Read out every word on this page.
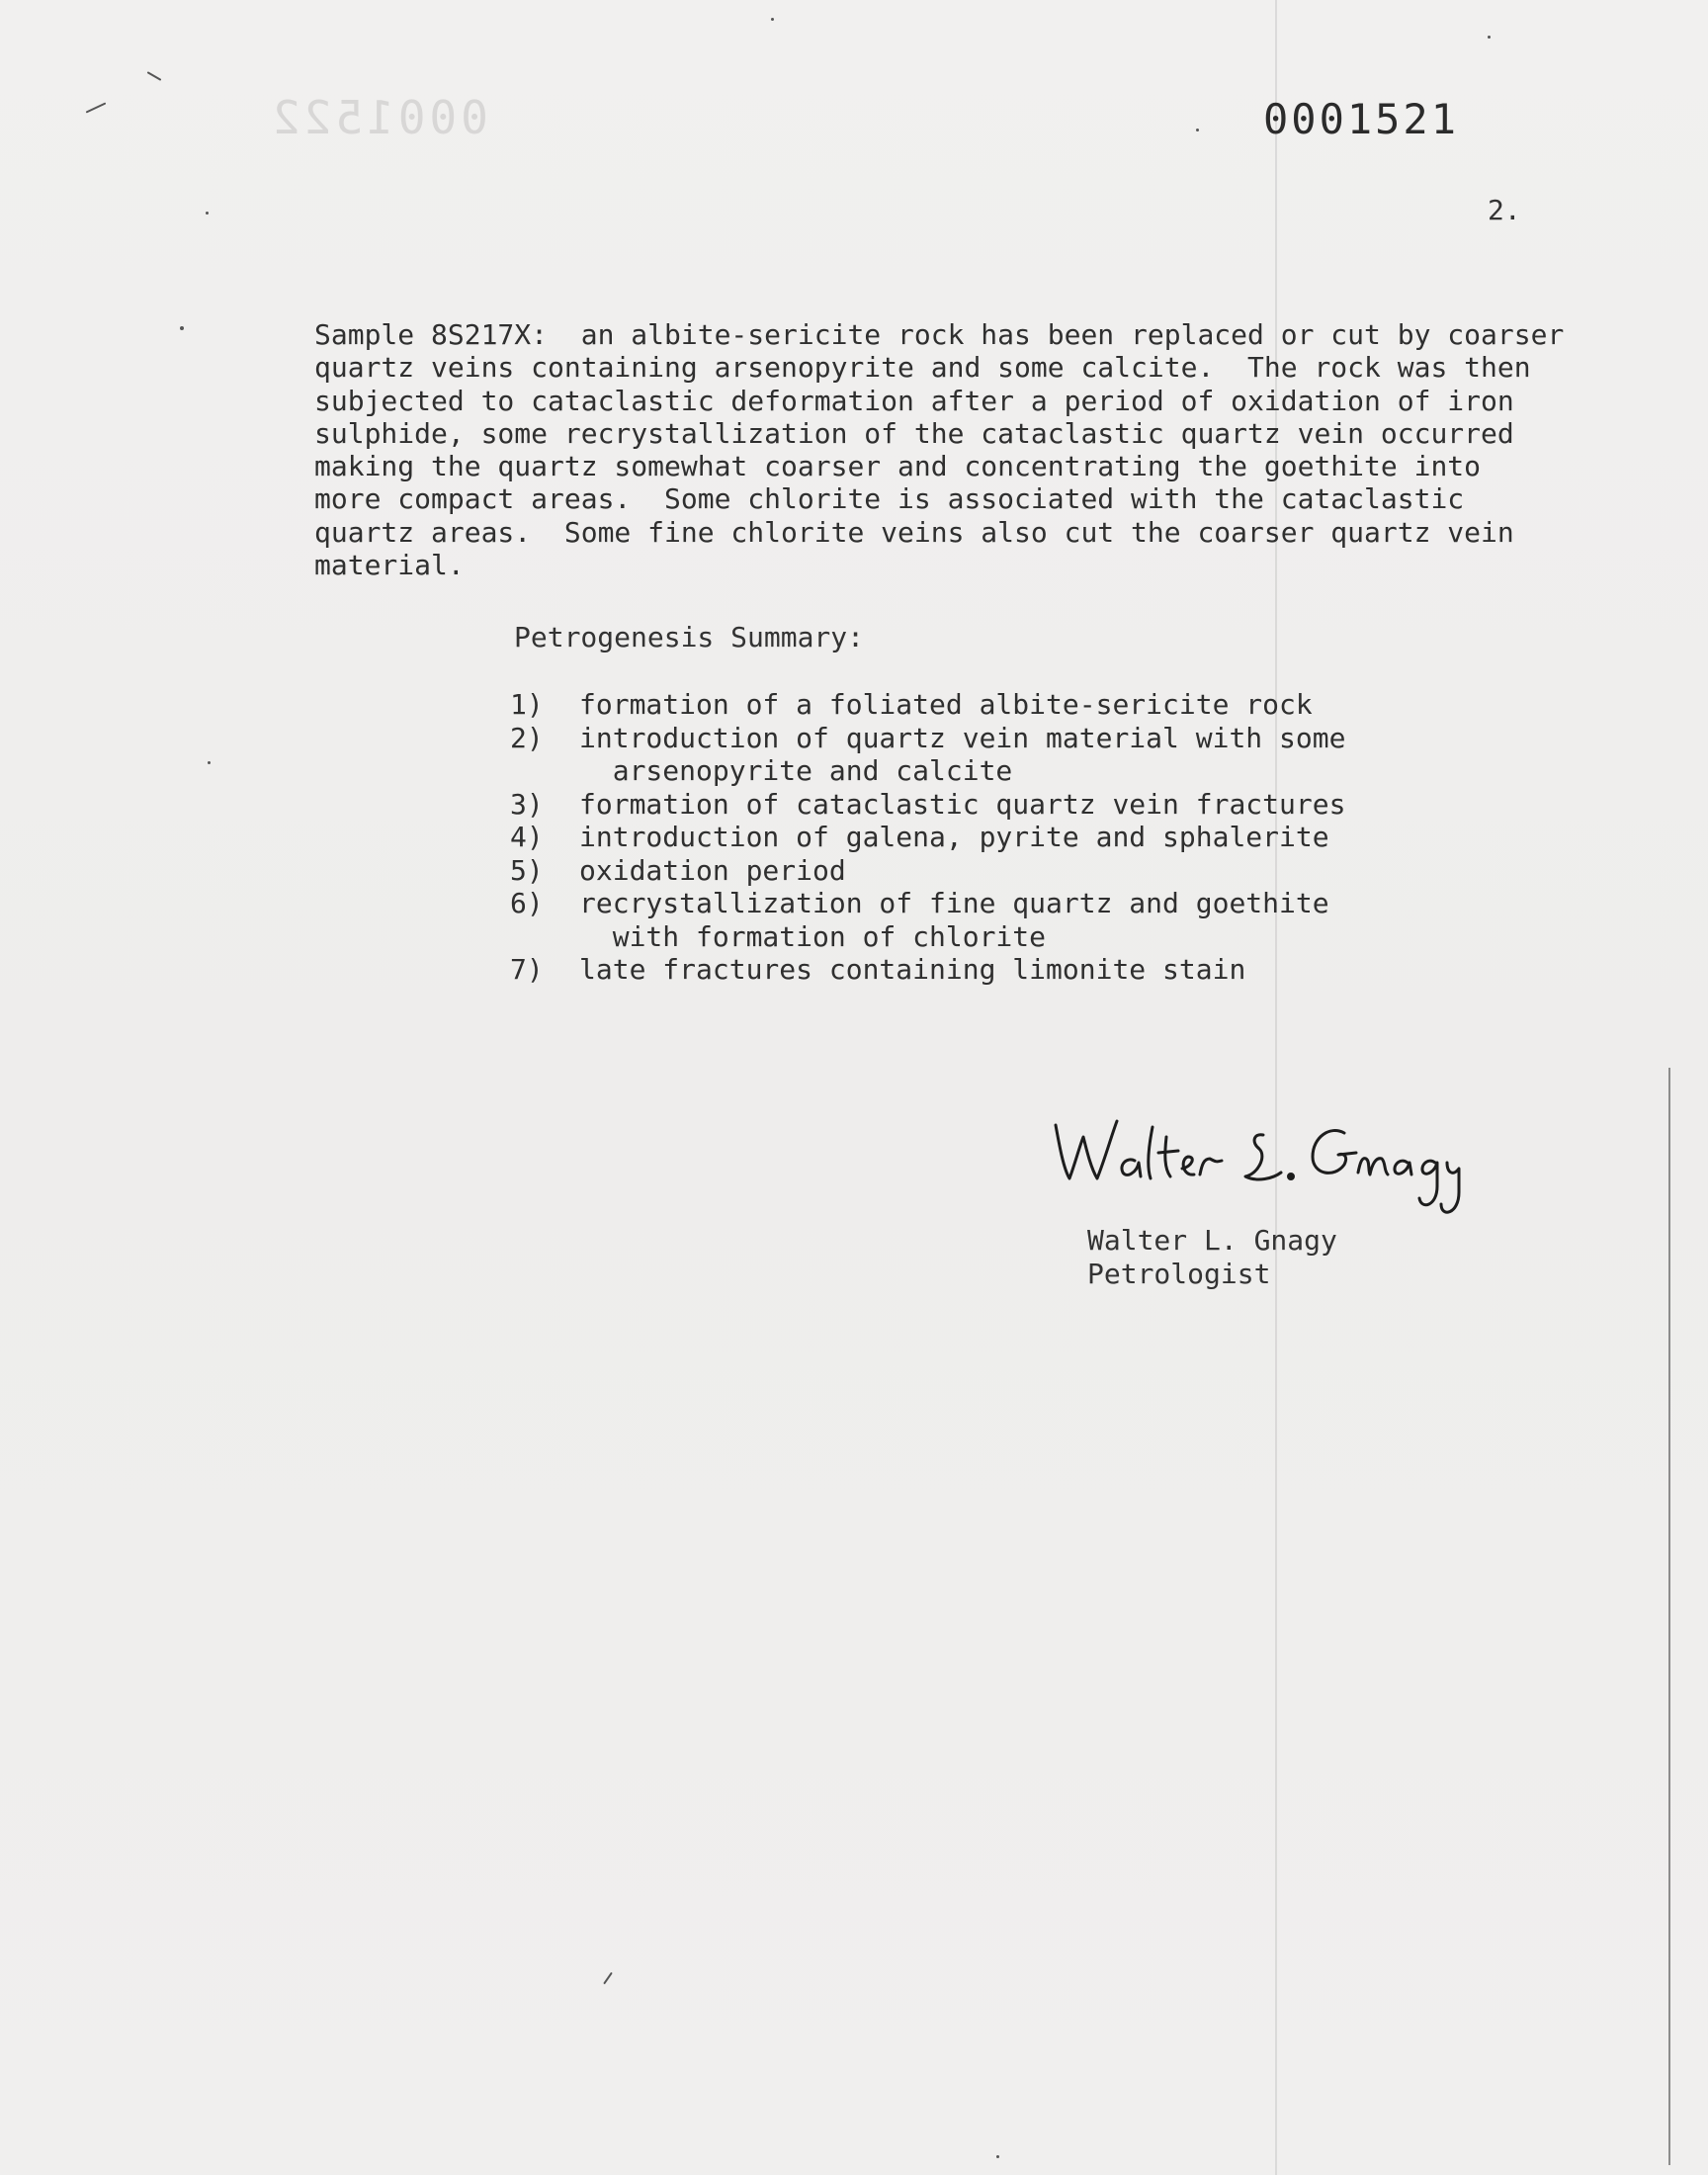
0001522	0001521
2.
Sample 8S217X:  an albite-sericite rock has been replaced or cut by coarser
quartz veins containing arsenopyrite and some calcite.  The rock was then
subjected to cataclastic deformation after a period of oxidation of iron
sulphide, some recrystallization of the cataclastic quartz vein occurred
making the quartz somewhat coarser and concentrating the goethite into
more compact areas.  Some chlorite is associated with the cataclastic
quartz areas.  Some fine chlorite veins also cut the coarser quartz vein
material.
Petrogenesis Summary:
1)	formation of a foliated albite-sericite rock
2)	introduction of quartz vein material with some
arsenopyrite and calcite
3)	formation of cataclastic quartz vein fractures
4)	introduction of galena, pyrite and sphalerite
5)	oxidation period
6)	recrystallization of fine quartz and goethite
with formation of chlorite
7)	late fractures containing limonite stain
Walter L. Gnagy
Petrologist
